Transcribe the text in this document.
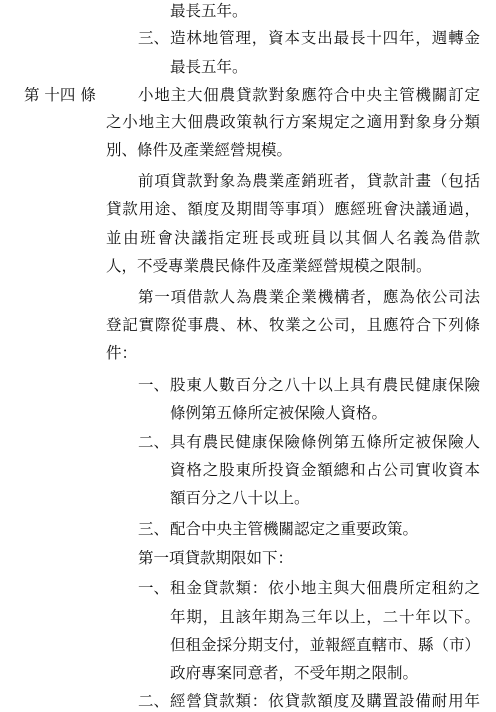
最長五年。
三、 造林地管理，資本支出最長十四年，週轉金
最長五年。
第 十四 條	小地主大佃農貸款對象應符合中央主管機關訂定
之小地主大佃農政策執行方案規定之適用對象身分類
別、條件及產業經營規模。
前項貸款對象為農業產銷班者，貸款計畫（包括
貸款用途、額度及期間等事項）應經班會決議通過，
並由班會決議指定班長或班員以其個人名義為借款
人，不受專業農民條件及產業經營規模之限制。
第一項借款人為農業企業機構者，應為依公司法
登記實際從事農、林、牧業之公司，且應符合下列條
件：
一、 股東人數百分之八十以上具有農民健康保險
條例第五條所定被保險人資格。
二、 具有農民健康保險條例第五條所定被保險人
資格之股東所投資金額總和占公司實收資本
額百分之八十以上。
三、 配合中央主管機關認定之重要政策。
第一項貸款期限如下：
一、 租金貸款類：依小地主與大佃農所定租約之
年期，且該年期為三年以上，二十年以下。
但租金採分期支付，並報經直轄市、縣（市）
政府專案同意者，不受年期之限制。
二、 經營貸款類：依貸款額度及購置設備耐用年
